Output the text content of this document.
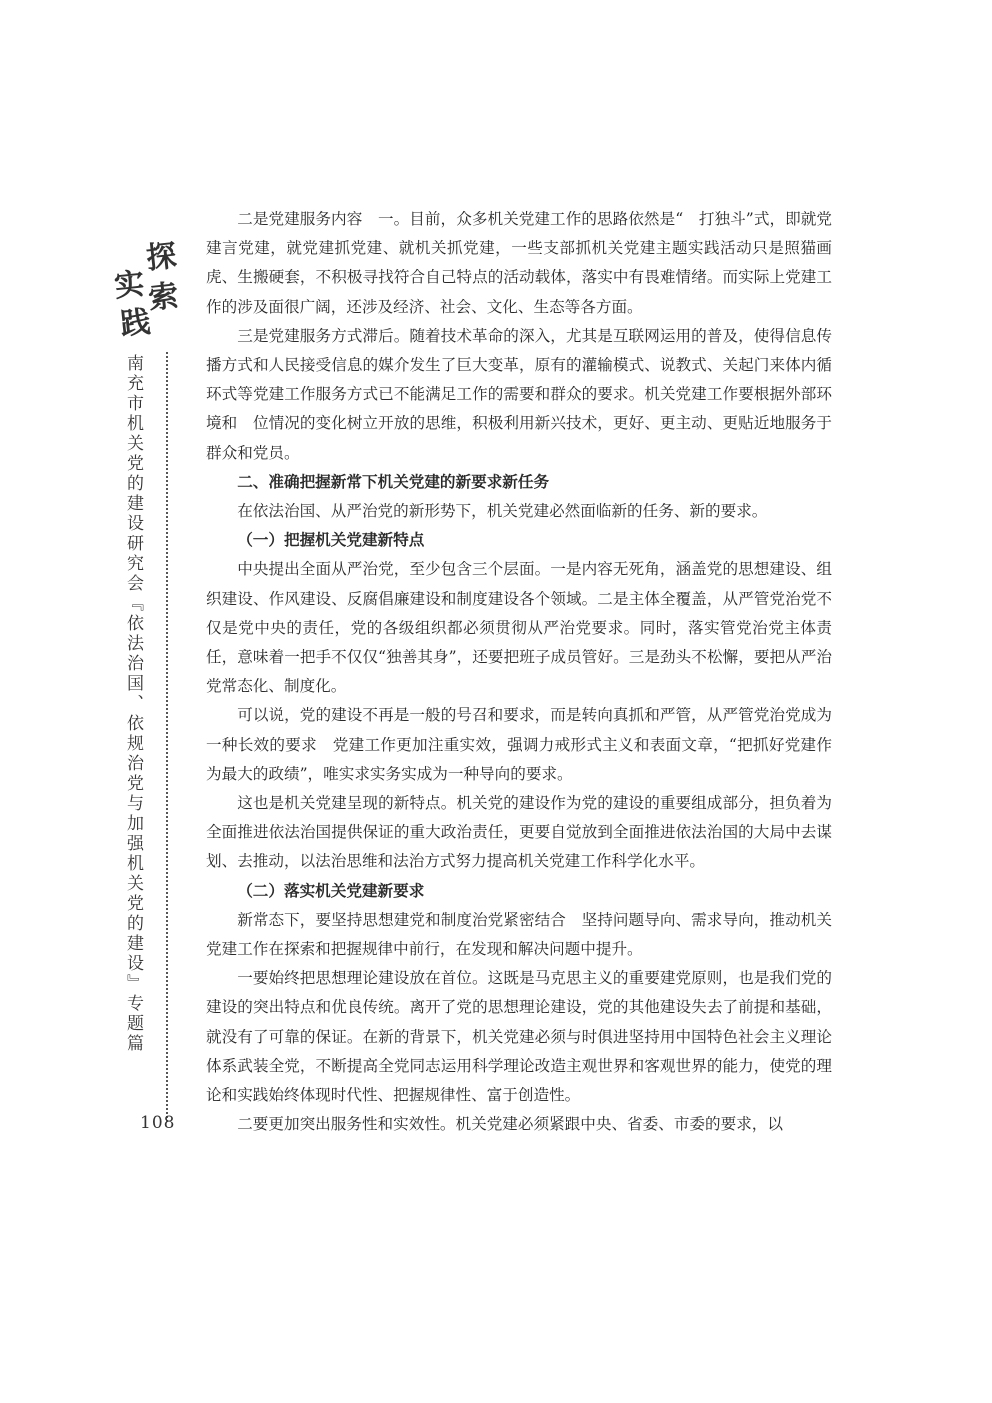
探
索
实
践
南充市机关党的建设研究会『依法治国、依规治党与加强机关党的建设』专题篇
108

二是党建服务内容　一。目前，众多机关党建工作的思路依然是“　打独斗”式，即就党建言党建，就党建抓党建、就机关抓党建，一些支部抓机关党建主题实践活动只是照猫画虎、生搬硬套，不积极寻找符合自己特点的活动载体，落实中有畏难情绪。而实际上党建工作的涉及面很广阔，还涉及经济、社会、文化、生态等各方面。

三是党建服务方式滞后。随着技术革命的深入，尤其是互联网运用的普及，使得信息传播方式和人民接受信息的媒介发生了巨大变革，原有的灌输模式、说教式、关起门来体内循环式等党建工作服务方式已不能满足工作的需要和群众的要求。机关党建工作要根据外部环境和　位情况的变化树立开放的思维，积极利用新兴技术，更好、更主动、更贴近地服务于群众和党员。

二、准确把握新常下机关党建的新要求新任务

在依法治国、从严治党的新形势下，机关党建必然面临新的任务、新的要求。

（一）把握机关党建新特点

中央提出全面从严治党，至少包含三个层面。一是内容无死角，涵盖党的思想建设、组织建设、作风建设、反腐倡廉建设和制度建设各个领域。二是主体全覆盖，从严管党治党不仅是党中央的责任，党的各级组织都必须贯彻从严治党要求。同时，落实管党治党主体责任，意味着一把手不仅仅“独善其身”，还要把班子成员管好。三是劲头不松懈，要把从严治党常态化、制度化。

可以说，党的建设不再是一般的号召和要求，而是转向真抓和严管，从严管党治党成为一种长效的要求　党建工作更加注重实效，强调力戒形式主义和表面文章，“把抓好党建作为最大的政绩”，唯实求实务实成为一种导向的要求。

这也是机关党建呈现的新特点。机关党的建设作为党的建设的重要组成部分，担负着为全面推进依法治国提供保证的重大政治责任，更要自觉放到全面推进依法治国的大局中去谋划、去推动，以法治思维和法治方式努力提高机关党建工作科学化水平。

（二）落实机关党建新要求

新常态下，要坚持思想建党和制度治党紧密结合　坚持问题导向、需求导向，推动机关党建工作在探索和把握规律中前行，在发现和解决问题中提升。

一要始终把思想理论建设放在首位。这既是马克思主义的重要建党原则，也是我们党的建设的突出特点和优良传统。离开了党的思想理论建设，党的其他建设失去了前提和基础，就没有了可靠的保证。在新的背景下，机关党建必须与时俱进坚持用中国特色社会主义理论体系武装全党，不断提高全党同志运用科学理论改造主观世界和客观世界的能力，使党的理论和实践始终体现时代性、把握规律性、富于创造性。

二要更加突出服务性和实效性。机关党建必须紧跟中央、省委、市委的要求，以
